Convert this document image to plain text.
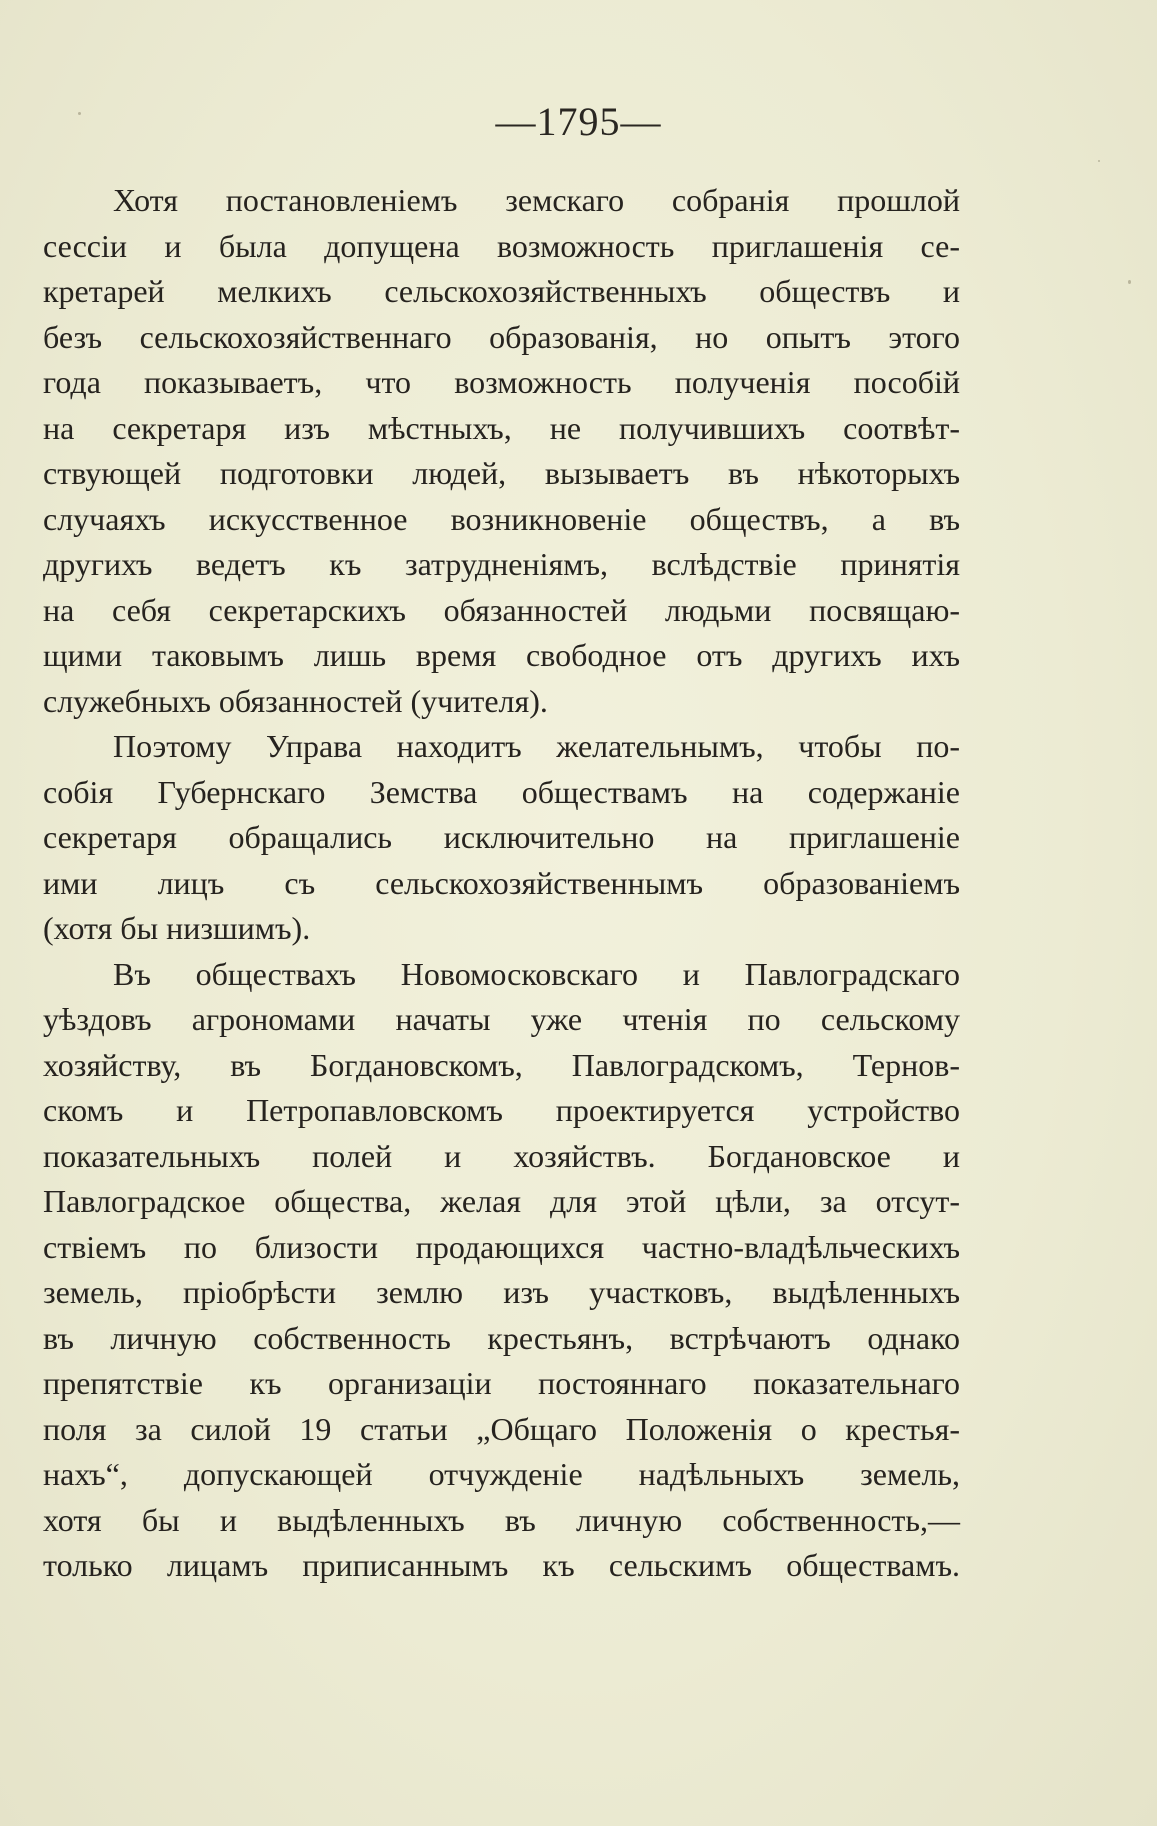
—1795—

Хотя постановленіемъ земскаго собранія прошлой
сессіи и была допущена возможность приглашенія се-
кретарей мелкихъ сельскохозяйственныхъ обществъ и
безъ сельскохозяйственнаго образованія, но опытъ этого
года показываетъ, что возможность полученія пособій
на секретаря изъ мѣстныхъ, не получившихъ соотвѣт-
ствующей подготовки людей, вызываетъ въ нѣкоторыхъ
случаяхъ искусственное возникновеніе обществъ, а въ
другихъ ведетъ къ затрудненіямъ, вслѣдствіе принятія
на себя секретарскихъ обязанностей людьми посвящаю-
щими таковымъ лишь время свободное отъ другихъ ихъ
служебныхъ обязанностей (учителя).

Поэтому Управа находитъ желательнымъ, чтобы по-
собія Губернскаго Земства обществамъ на содержаніе
секретаря обращались исключительно на приглашеніе
ими лицъ съ сельскохозяйственнымъ образованіемъ
(хотя бы низшимъ).

Въ обществахъ Новомосковскаго и Павлоградскаго
уѣздовъ агрономами начаты уже чтенія по сельскому
хозяйству, въ Богдановскомъ, Павлоградскомъ, Тернов-
скомъ и Петропавловскомъ проектируется устройство
показательныхъ полей и хозяйствъ. Богдановское и
Павлоградское общества, желая для этой цѣли, за отсут-
ствіемъ по близости продающихся частно-владѣльческихъ
земель, пріобрѣсти землю изъ участковъ, выдѣленныхъ
въ личную собственность крестьянъ, встрѣчаютъ однако
препятствіе къ организаціи постояннаго показательнаго
поля за силой 19 статьи „Общаго Положенія о крестья-
нахъ“, допускающей отчужденіе надѣльныхъ земель,
хотя бы и выдѣленныхъ въ личную собственность,—
только лицамъ приписаннымъ къ сельскимъ обществамъ.
